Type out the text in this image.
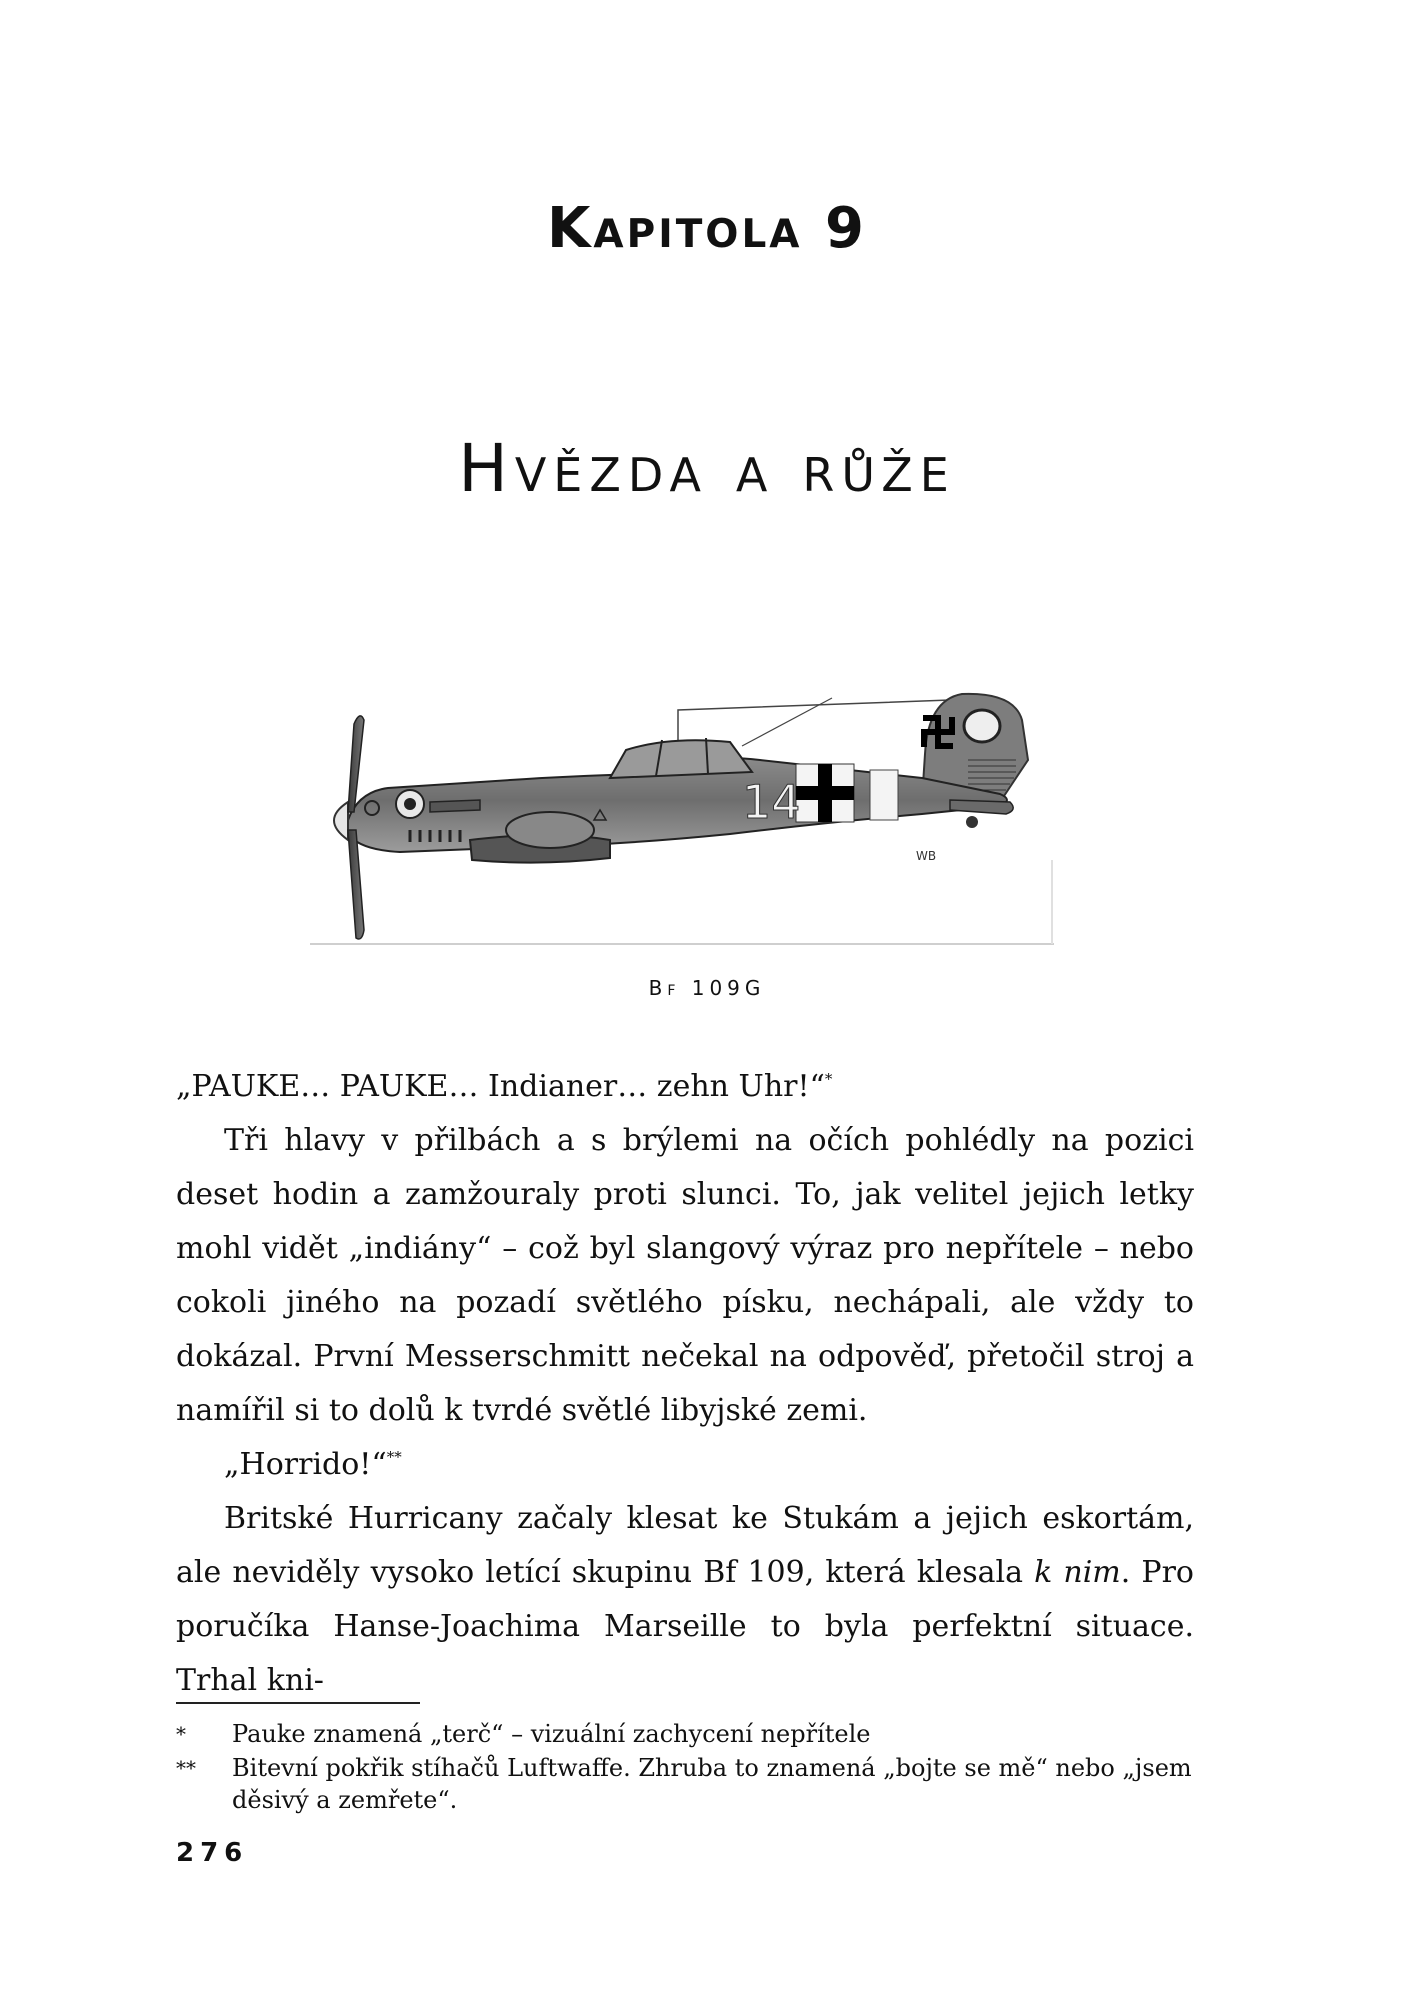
Kapitola 9
Hvězda a růže
14
WB
Bf 109G

„PAUKE… PAUKE… Indianer… zehn Uhr!“*

Tři hlavy v přilbách a s brýlemi na očích pohlédly na pozici deset hodin a zamžouraly proti slunci. To, jak velitel jejich letky mohl vidět „indiány“ – což byl slangový výraz pro nepřítele – nebo cokoli jiného na pozadí světlého písku, nechápali, ale vždy to dokázal. První Messerschmitt nečekal na odpověď, přetočil stroj a namířil si to dolů k tvrdé světlé libyjské zemi.

„Horrido!“**

Britské Hurricany začaly klesat ke Stukám a jejich eskortám, ale neviděly vysoko letící skupinu Bf 109, která klesala k nim. Pro poručíka Hanse-Joachima Marseille to byla perfektní situace. Trhal kni-

* Pauke znamená „terč“ – vizuální zachycení nepřítele

** Bitevní pokřik stíhačů Luftwaffe. Zhruba to znamená „bojte se mě“ nebo „jsem děsivý a zemřete“.

276
